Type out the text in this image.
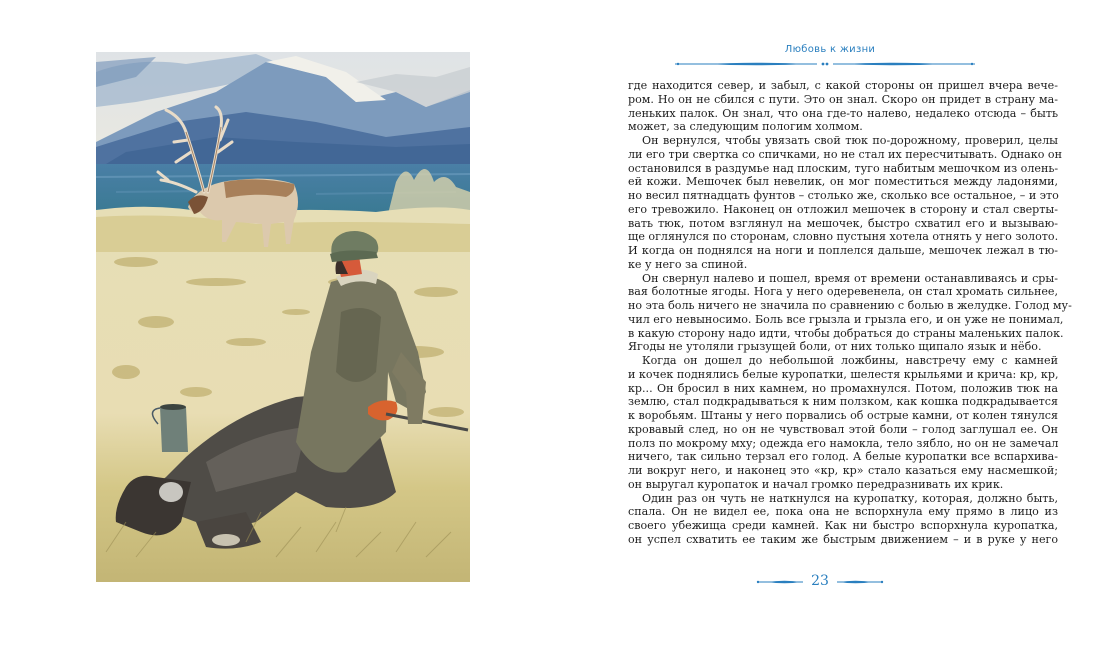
Любовь к жизни

где находится север, и забыл, с какой стороны он пришел вчера вече-
ром. Но он не сбился с пути. Это он знал. Скоро он придет в страну ма-
леньких палок. Он знал, что она где-то налево, недалеко отсюда – быть
может, за следующим пологим холмом.

Он вернулся, чтобы увязать свой тюк по-дорожному, проверил, целы
ли его три свертка со спичками, но не стал их пересчитывать. Однако он
остановился в раздумье над плоским, туго набитым мешочком из олень-
ей кожи. Мешочек был невелик, он мог поместиться между ладонями,
но весил пятнадцать фунтов – столько же, сколько все остальное, – и это
его тревожило. Наконец он отложил мешочек в сторону и стал сверты-
вать тюк, потом взглянул на мешочек, быстро схватил его и вызываю-
ще оглянулся по сторонам, словно пустыня хотела отнять у него золото.
И когда он поднялся на ноги и поплелся дальше, мешочек лежал в тю-
ке у него за спиной.

Он свернул налево и пошел, время от времени останавливаясь и сры-
вая болотные ягоды. Нога у него одеревенела, он стал хромать сильнее,
но эта боль ничего не значила по сравнению с болью в желудке. Голод му-
чил его невыносимо. Боль все грызла и грызла его, и он уже не понимал,
в какую сторону надо идти, чтобы добраться до страны маленьких палок.
Ягоды не утоляли грызущей боли, от них только щипало язык и нёбо.

Когда он дошел до небольшой ложбины, навстречу ему с камней
и кочек поднялись белые куропатки, шелестя крыльями и крича: кр, кр,
кр... Он бросил в них камнем, но промахнулся. Потом, положив тюк на
землю, стал подкрадываться к ним ползком, как кошка подкрадывается
к воробьям. Штаны у него порвались об острые камни, от колен тянулся
кровавый след, но он не чувствовал этой боли – голод заглушал ее. Он
полз по мокрому мху; одежда его намокла, тело зябло, но он не замечал
ничего, так сильно терзал его голод. А белые куропатки все вспархива-
ли вокруг него, и наконец это «кр, кр» стало казаться ему насмешкой;
он выругал куропаток и начал громко передразнивать их крик.

Один раз он чуть не наткнулся на куропатку, которая, должно быть,
спала. Он не видел ее, пока она не вспорхнула ему прямо в лицо из
своего убежища среди камней. Как ни быстро вспорхнула куропатка,
он успел схватить ее таким же быстрым движением – и в руке у него

23
